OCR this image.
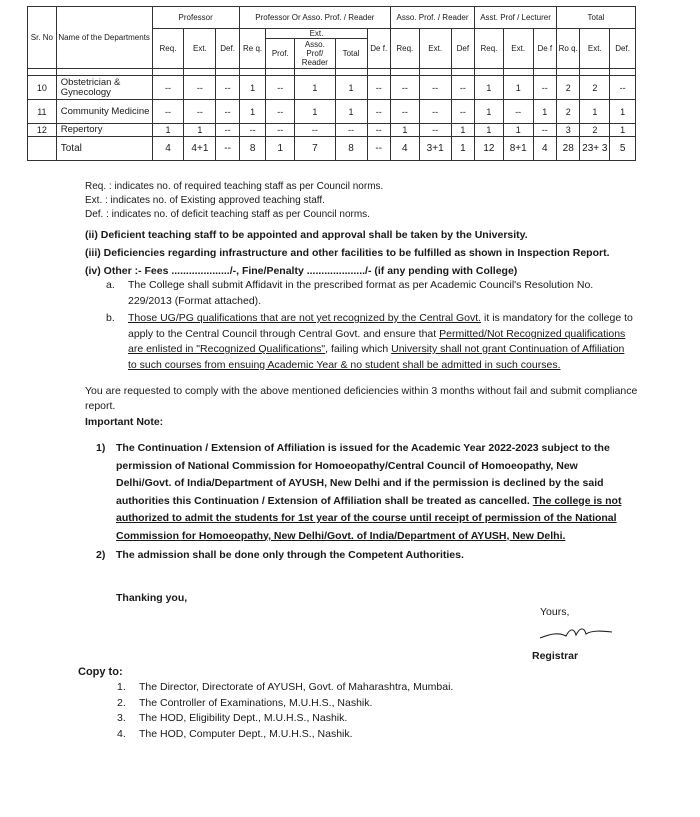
Sr. No	Name of the Departments	Professor			Professor Or Asso. Prof. / Reader					Asso. Prof. / Reader			Asst. Prof / Lecturer			Total		
		Req.	Ext.	Def.	Re q.	Ext.			De f.	Req.	Ext.	Def	Req.	Ext.	De f	Ro q.	Ext.	Def.
						Prof.	Asso. Prof/ Reader	Total										

10	Obstetrician & Gynecology	--	--	--	1	--	1	1	--	--	--	--	1	1	--	2	2	--
11	Community Medicine	--	--	--	1	--	1	1	--	--	--	--	1	--	1	2	1	1
12	Repertory	1	1	--	--	--	--	--	--	1	--	1	1	1	--	3	2	1
	Total	4	4+1	--	8	1	7	8	--	4	3+1	1	12	8+1	4	28	23+ 3	5
Req. : indicates no. of required teaching staff as per Council norms.
Ext. : indicates no. of Existing approved teaching staff.
Def. : indicates no. of deficit teaching staff as per Council norms.
(ii) Deficient teaching staff to be appointed and approval shall be taken by the University.
(iii) Deficiencies regarding infrastructure and other facilities to be fulfilled as shown in Inspection Report.
(iv) Other :- Fees ..................../-, Fine/Penalty ..................../- (if any pending with College)
a.	The College shall submit Affidavit in the prescribed format as per Academic Council's Resolution No. 229/2013 (Format attached).
b.	Those UG/PG qualifications that are not yet recognized by the Central Govt. it is mandatory for the college to apply to the Central Council through Central Govt. and ensure that Permitted/Not Recognized qualifications are enlisted in "Recognized Qualifications", failing which University shall not grant Continuation of Affiliation to such courses from ensuing Academic Year & no student shall be admitted in such courses.
You are requested to comply with the above mentioned deficiencies within 3 months without fail and submit compliance report.
Important Note:
1)	The Continuation / Extension of Affiliation is issued for the Academic Year 2022-2023 subject to the permission of National Commission for Homoeopathy/Central Council of Homoeopathy, New Delhi/Govt. of India/Department of AYUSH, New Delhi and if the permission is declined by the said authorities this Continuation / Extension of Affiliation shall be treated as cancelled. The college is not authorized to admit the students for 1st year of the course until receipt of permission of the National Commission for Homoeopathy, New Delhi/Govt. of India/Department of AYUSH, New Delhi.
2)	The admission shall be done only through the Competent Authorities.
Thanking you,
Yours,
Registrar
Copy to:
1.	The Director, Directorate of AYUSH, Govt. of Maharashtra, Mumbai.
2.	The Controller of Examinations, M.U.H.S., Nashik.
3.	The HOD, Eligibility Dept., M.U.H.S., Nashik.
4.	The HOD, Computer Dept., M.U.H.S., Nashik.
